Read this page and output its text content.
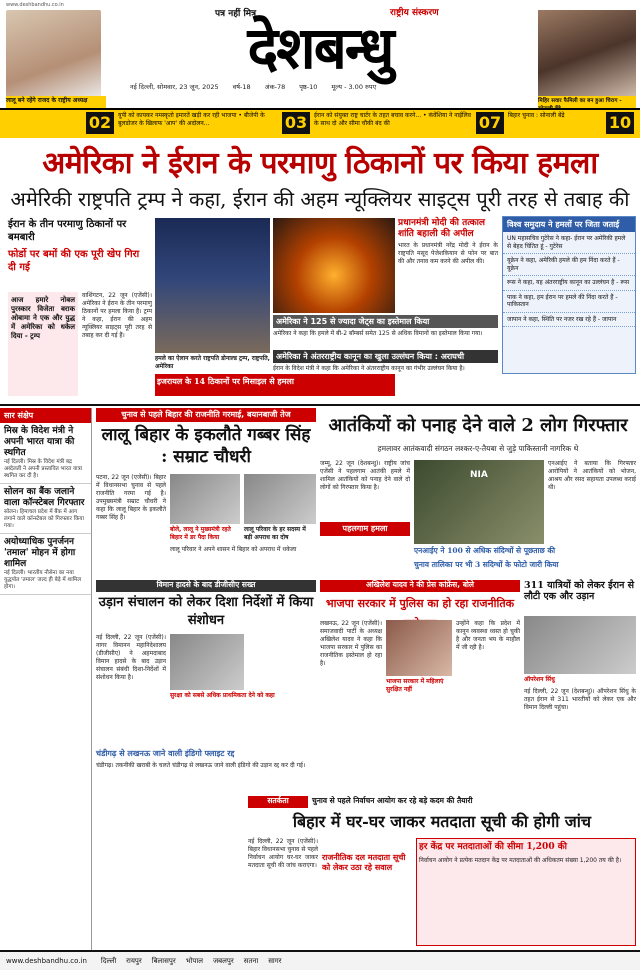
www.deshbandhu.co.in
पत्र नहीं मित्र	राष्ट्रीय संस्करण
देशबन्धु
नई दिल्ली, सोमवार, 23 जून, 2025 वर्ष-18 अंक-78 पृष्ठ-10 मूल्य - 3.00 रुपए
लालू बने रहेंगे राजद के राष्ट्रीय अध्यक्ष	मिहिर सवार फैमिली का बन हुआ चिराग -
02	यूपी को कायकर नमस्कृतो इमारतें खड़ी कर रही भाजपा • बीजेपी के बुलडोजर के खिलाफ 'आप' की अदोलन...	03	ईरान को संयुक्त राष्ट्र चार्टर के तहत बचाव करने... • कंवेंशिया ने नाईलिव के साथ दो और सीमा चौकी बंद की	07	बिहार चुनाव : सोनाली बेंद्रे	10
अमेरिका ने ईरान के परमाणु ठिकानों पर किया हमला
अमेरिकी राष्ट्रपति ट्रम्प ने कहा, ईरान की अहम न्यूक्लियर साइट्स पूरी तरह से तबाह की
ईरान के तीन परमाणु ठिकानों पर बमबारी
फोर्डो पर बमों की एक पूरी खेप गिरा दी गई
आज हमारे नोबल पुरस्कार विजेता बराक ओबामा ने एक और युद्ध में अमेरिका को धकेल दिया - ट्रम्प
वाशिंगटन, 22 जून (एजेंसी)। अमेरिका ने ईरान के तीन परमाणु ठिकानों पर हमला किया है। ट्रम्प ने कहा, ईरान की अहम न्यूक्लियर साइट्स पूरी तरह से तबाह कर दी गई हैं।
हमले का ऐलान करते राष्ट्रपति डोनाल्ड ट्रम्प, राष्ट्रपति, अमेरिका
इजरायल के 14 ठिकानों पर मिसाइल से हमला
प्रधानमंत्री मोदी की तत्काल शांति बहाली की अपील
भारत के प्रधानमंत्री नरेंद्र मोदी ने ईरान के राष्ट्रपति मसूद पेजेशकियान से फोन पर बात की और तनाव कम करने की अपील की।
अमेरिका ने 125 से ज्यादा जेट्स का इस्तेमाल किया
अमेरिका ने कहा कि हमले में बी-2 बॉम्बर्स समेत 125 से अधिक विमानों का इस्तेमाल किया गया।
अमेरिका ने अंतरराष्ट्रीय कानून का खुला उल्लंघन किया : अराघची
ईरान के विदेश मंत्री ने कहा कि अमेरिका ने अंतरराष्ट्रीय कानून का गंभीर उल्लंघन किया है।
विश्व समुदाय ने हमलों पर जिता जताई
UN महासचिव गुटेरेस ने कहा- ईरान पर अमेरिकी हमले से बेहद चिंतित हूं - गुटेरेस
यूक्रेन ने कहा, अमेरिकी हमले की हम निंदा करते हैं - यूक्रेन
रूस ने कहा, यह अंतरराष्ट्रीय कानून का उल्लंघन है - रूस
पाक ने कहा, हम ईरान पर हमले की निंदा करते हैं - पाकिस्तान
जापान ने कहा, स्थिति पर नजर रख रहे हैं - जापान
सार संक्षेप
मिस्र के विदेश मंत्री ने अपनी भारत यात्रा की स्थगित

नई दिल्ली। मिस्र के विदेश मंत्री बद्र अब्देलती ने अपनी प्रस्तावित भारत यात्रा स्थगित कर दी है।

सोलन का बैंक जलाने वाला कॉन्स्टेबल गिरफ्तार

सोलन। हिमाचल प्रदेश में बैंक में आग लगाने वाले कॉन्स्टेबल को गिरफ्तार किया गया।

अयोध्याधिक पुनर्जनन 'तमाल' मोहन में होगा शामिल

नई दिल्ली। भारतीय नौसेना का नया युद्धपोत 'तमाल' जल्द ही बेड़े में शामिल होगा।

चुनाव से पहले बिहार की राजनीति गरमाई, बयानबाजी तेज
लालू बिहार के इकलौते गब्बर सिंह : सम्राट चौधरी
पटना, 22 जून (एजेंसी)। बिहार में विधानसभा चुनाव से पहले राजनीति गरमा गई है। उपमुख्यमंत्री सम्राट चौधरी ने कहा कि लालू बिहार के इकलौते गब्बर सिंह हैं।
बोले, लालू ने मुख्यमंत्री रहते बिहार में डर पैदा किया
लालू परिवार के हर सदस्य में बड़ी अपराध का दोष
लालू परिवार ने अपने शासन में बिहार को अपराध में धकेला
आतंकियों को पनाह देने वाले 2 लोग गिरफ्तार
हमलावर आतंकवादी संगठन लश्कर-ए-तैयबा से जुड़े पाकिस्तानी नागरिक थे
जम्मू, 22 जून (देशबन्धु)। राष्ट्रीय जांच एजेंसी ने पहलगाम आतंकी हमले में शामिल आतंकियों को पनाह देने वाले दो लोगों को गिरफ्तार किया है।
पहलगाम हमला
NIA
एनआईए ने बताया कि गिरफ्तार आरोपियों ने आतंकियों को भोजन, आश्रय और रसद सहायता उपलब्ध कराई थी।
एनआईए ने 100 से अधिक संदिग्धों से पूछताछ की
चुनाव तालिका पर भी 3 सदिग्धों के फोटो जारी किया
विमान हादसे के बाद डीजीसीए सख्त
उड़ान संचालन को लेकर दिशा निर्देशों में किया संशोधन
नई दिल्ली, 22 जून (एजेंसी)। नागर विमानन महानिदेशालय (डीजीसीए) ने अहमदाबाद विमान हादसे के बाद उड़ान संचालन संबंधी दिशा-निर्देशों में संशोधन किया है।
सुरक्षा को सबसे अधिक प्राथमिकता देने को कहा
चंडीगढ़ से लखनऊ जाने वाली इंडिगो फ्लाइट रद्द
चंडीगढ़। तकनीकी खराबी के चलते चंडीगढ़ से लखनऊ जाने वाली इंडिगो की उड़ान रद्द कर दी गई।
अखिलेश यादव ने की प्रेस कांफ्रेंस, बोले
भाजपा सरकार में पुलिस का हो रहा राजनीतिक
लखनऊ, 22 जून (एजेंसी)। समाजवादी पार्टी के अध्यक्ष अखिलेश यादव ने कहा कि भाजपा सरकार में पुलिस का राजनीतिक इस्तेमाल हो रहा है।
भाजपा सरकार में महिलाएं सुरक्षित नहीं
उन्होंने कहा कि प्रदेश में कानून व्यवस्था ध्वस्त हो चुकी है और जनता भय के माहौल में जी रही है।
311 यात्रियों को लेकर ईरान से लौटी एक और उड़ान
ऑपरेशन सिंधु
नई दिल्ली, 22 जून (देशबन्धु)। ऑपरेशन सिंधु के तहत ईरान से 311 भारतीयों को लेकर एक और विमान दिल्ली पहुंचा।
सतर्कता	चुनाव से पहले निर्वाचन आयोग कर रहे बड़े कदम की तैयारी
बिहार में घर-घर जाकर मतदाता सूची की होगी जांच
नई दिल्ली, 22 जून (एजेंसी)। बिहार विधानसभा चुनाव से पहले निर्वाचन आयोग घर-घर जाकर मतदाता सूची की जांच कराएगा।
राजनीतिक दल मतदाता सूची को लेकर उठा रहे सवाल
हर केंद्र पर मतदाताओं की सीमा 1,200 की
निर्वाचन आयोग ने प्रत्येक मतदान केंद्र पर मतदाताओं की अधिकतम संख्या 1,200 तय की है।
www.deshbandhu.co.in दिल्ली रायपुर बिलासपुर भोपाल जबलपुर सतना सागर
